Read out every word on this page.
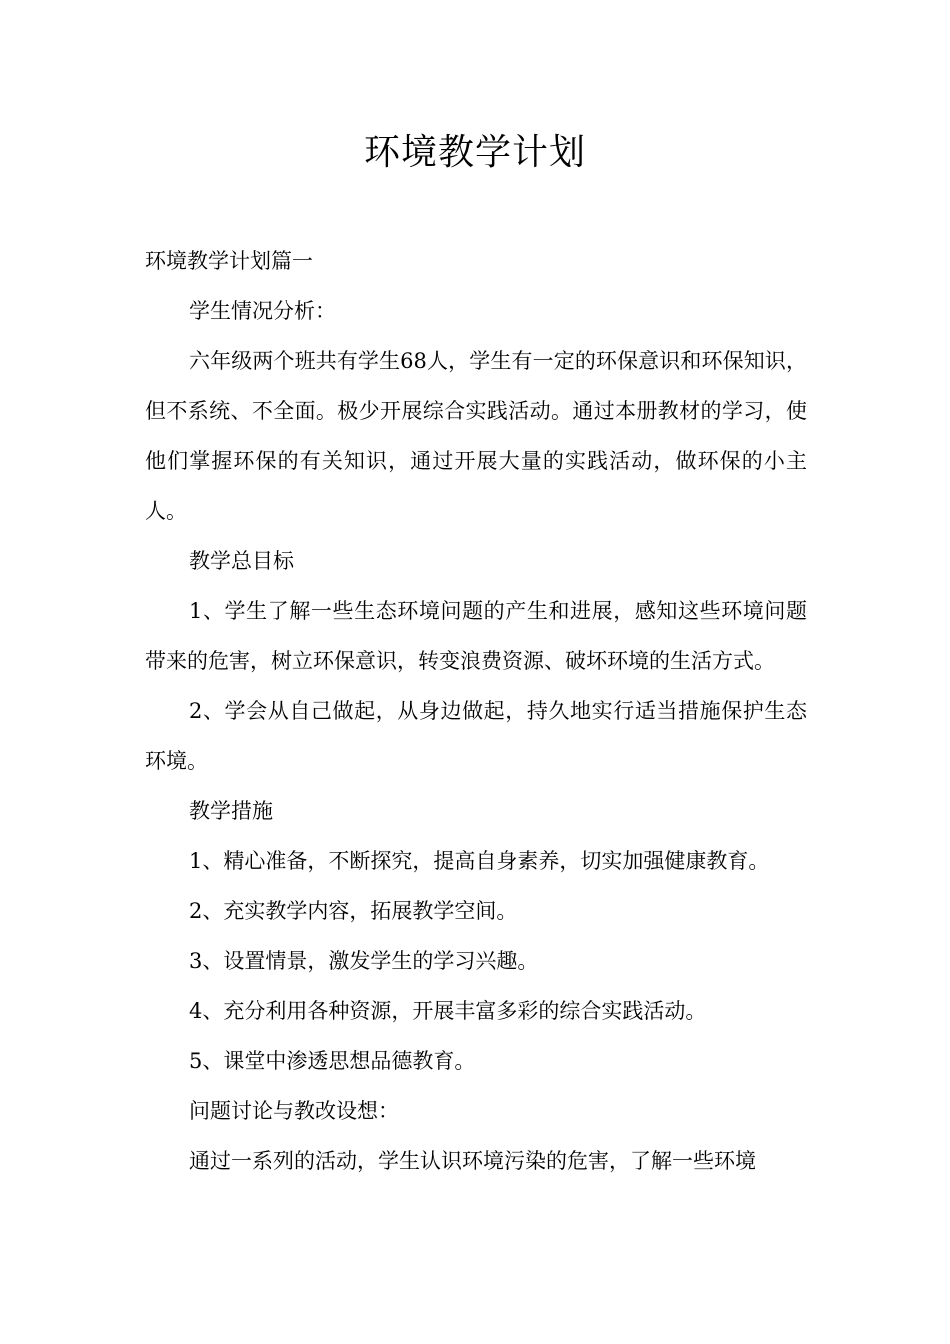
环境教学计划

环境教学计划篇一

学生情况分析：

六年级两个班共有学生68人，学生有一定的环保意识和环保知识，但不系统、不全面。极少开展综合实践活动。通过本册教材的学习，使他们掌握环保的有关知识，通过开展大量的实践活动，做环保的小主人。

教学总目标

1、学生了解一些生态环境问题的产生和进展，感知这些环境问题带来的危害，树立环保意识，转变浪费资源、破坏环境的生活方式。

2、学会从自己做起，从身边做起，持久地实行适当措施保护生态环境。

教学措施

1、精心准备，不断探究，提高自身素养，切实加强健康教育。

2、充实教学内容，拓展教学空间。

3、设置情景，激发学生的学习兴趣。

4、充分利用各种资源，开展丰富多彩的综合实践活动。

5、课堂中渗透思想品德教育。

问题讨论与教改设想：

通过一系列的活动，学生认识环境污染的危害，了解一些环境
